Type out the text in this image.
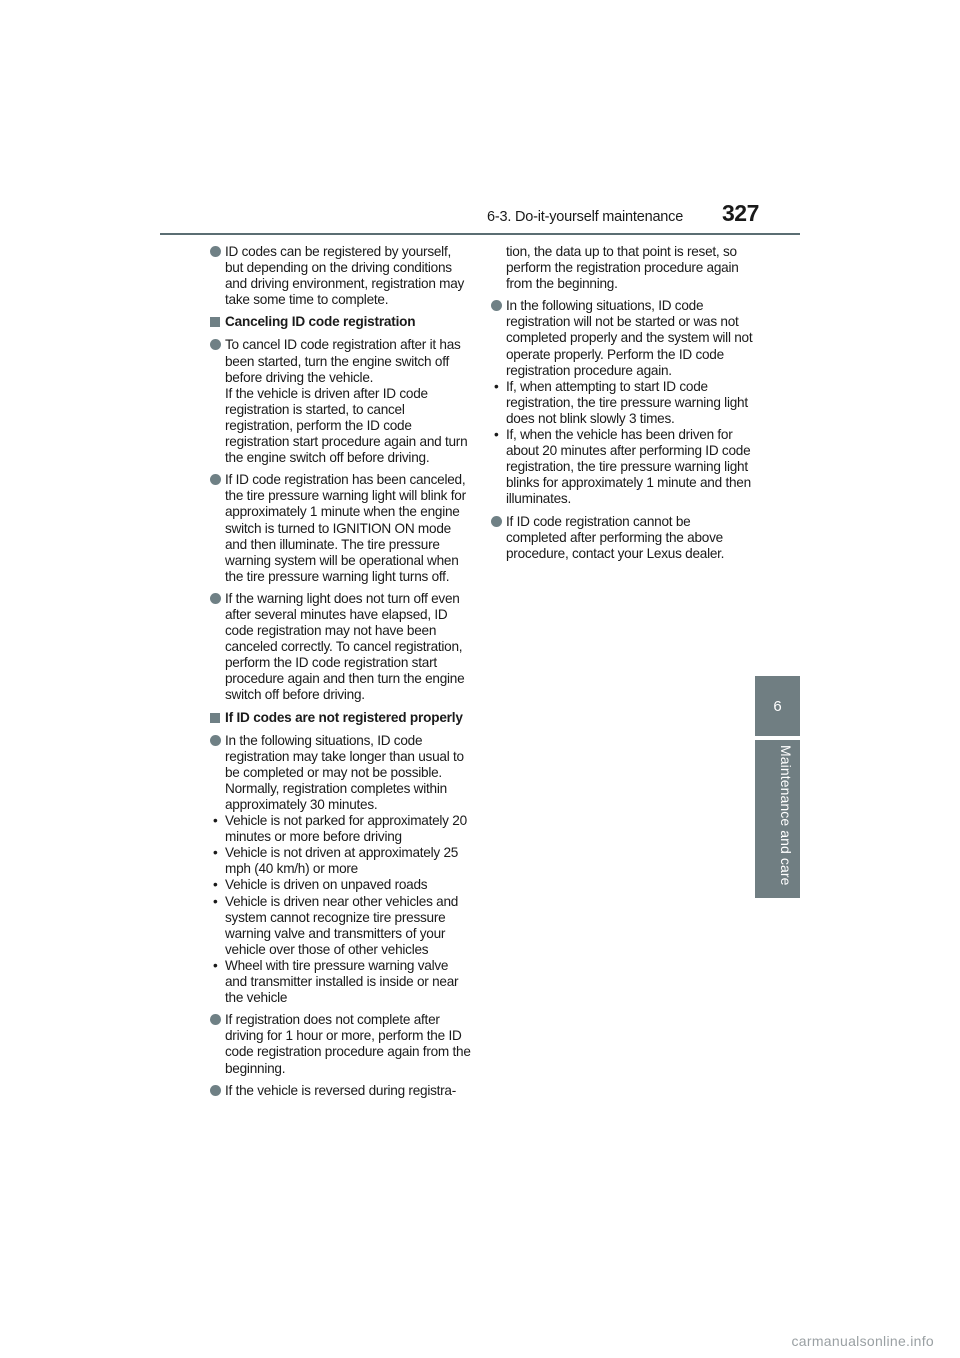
6-3. Do-it-yourself maintenance 327
6
Maintenance and care
ID codes can be registered by yourself, but depending on the driving conditions and driving environment, registration may take some time to complete.
Canceling ID code registration
To cancel ID code registration after it has been started, turn the engine switch off before driving the vehicle.
If the vehicle is driven after ID code registration is started, to cancel registration, perform the ID code registration start procedure again and turn the engine switch off before driving.
If ID code registration has been canceled, the tire pressure warning light will blink for approximately 1 minute when the engine switch is turned to IGNITION ON mode and then illuminate. The tire pressure warning system will be operational when the tire pressure warning light turns off.
If the warning light does not turn off even after several minutes have elapsed, ID code registration may not have been canceled correctly. To cancel registration, perform the ID code registration start procedure again and then turn the engine switch off before driving.
If ID codes are not registered properly
In the following situations, ID code registration may take longer than usual to be completed or may not be possible. Normally, registration completes within approximately 30 minutes.
• Vehicle is not parked for approximately 20 minutes or more before driving
• Vehicle is not driven at approximately 25 mph (40 km/h) or more
• Vehicle is driven on unpaved roads
• Vehicle is driven near other vehicles and system cannot recognize tire pressure warning valve and transmitters of your vehicle over those of other vehicles
• Wheel with tire pressure warning valve and transmitter installed is inside or near the vehicle
If registration does not complete after driving for 1 hour or more, perform the ID code registration procedure again from the beginning.
If the vehicle is reversed during registra-
tion, the data up to that point is reset, so perform the registration procedure again from the beginning.
In the following situations, ID code registration will not be started or was not completed properly and the system will not operate properly. Perform the ID code registration procedure again.
• If, when attempting to start ID code registration, the tire pressure warning light does not blink slowly 3 times.
• If, when the vehicle has been driven for about 20 minutes after performing ID code registration, the tire pressure warning light blinks for approximately 1 minute and then illuminates.
If ID code registration cannot be completed after performing the above procedure, contact your Lexus dealer.
carmanualsonline.info
